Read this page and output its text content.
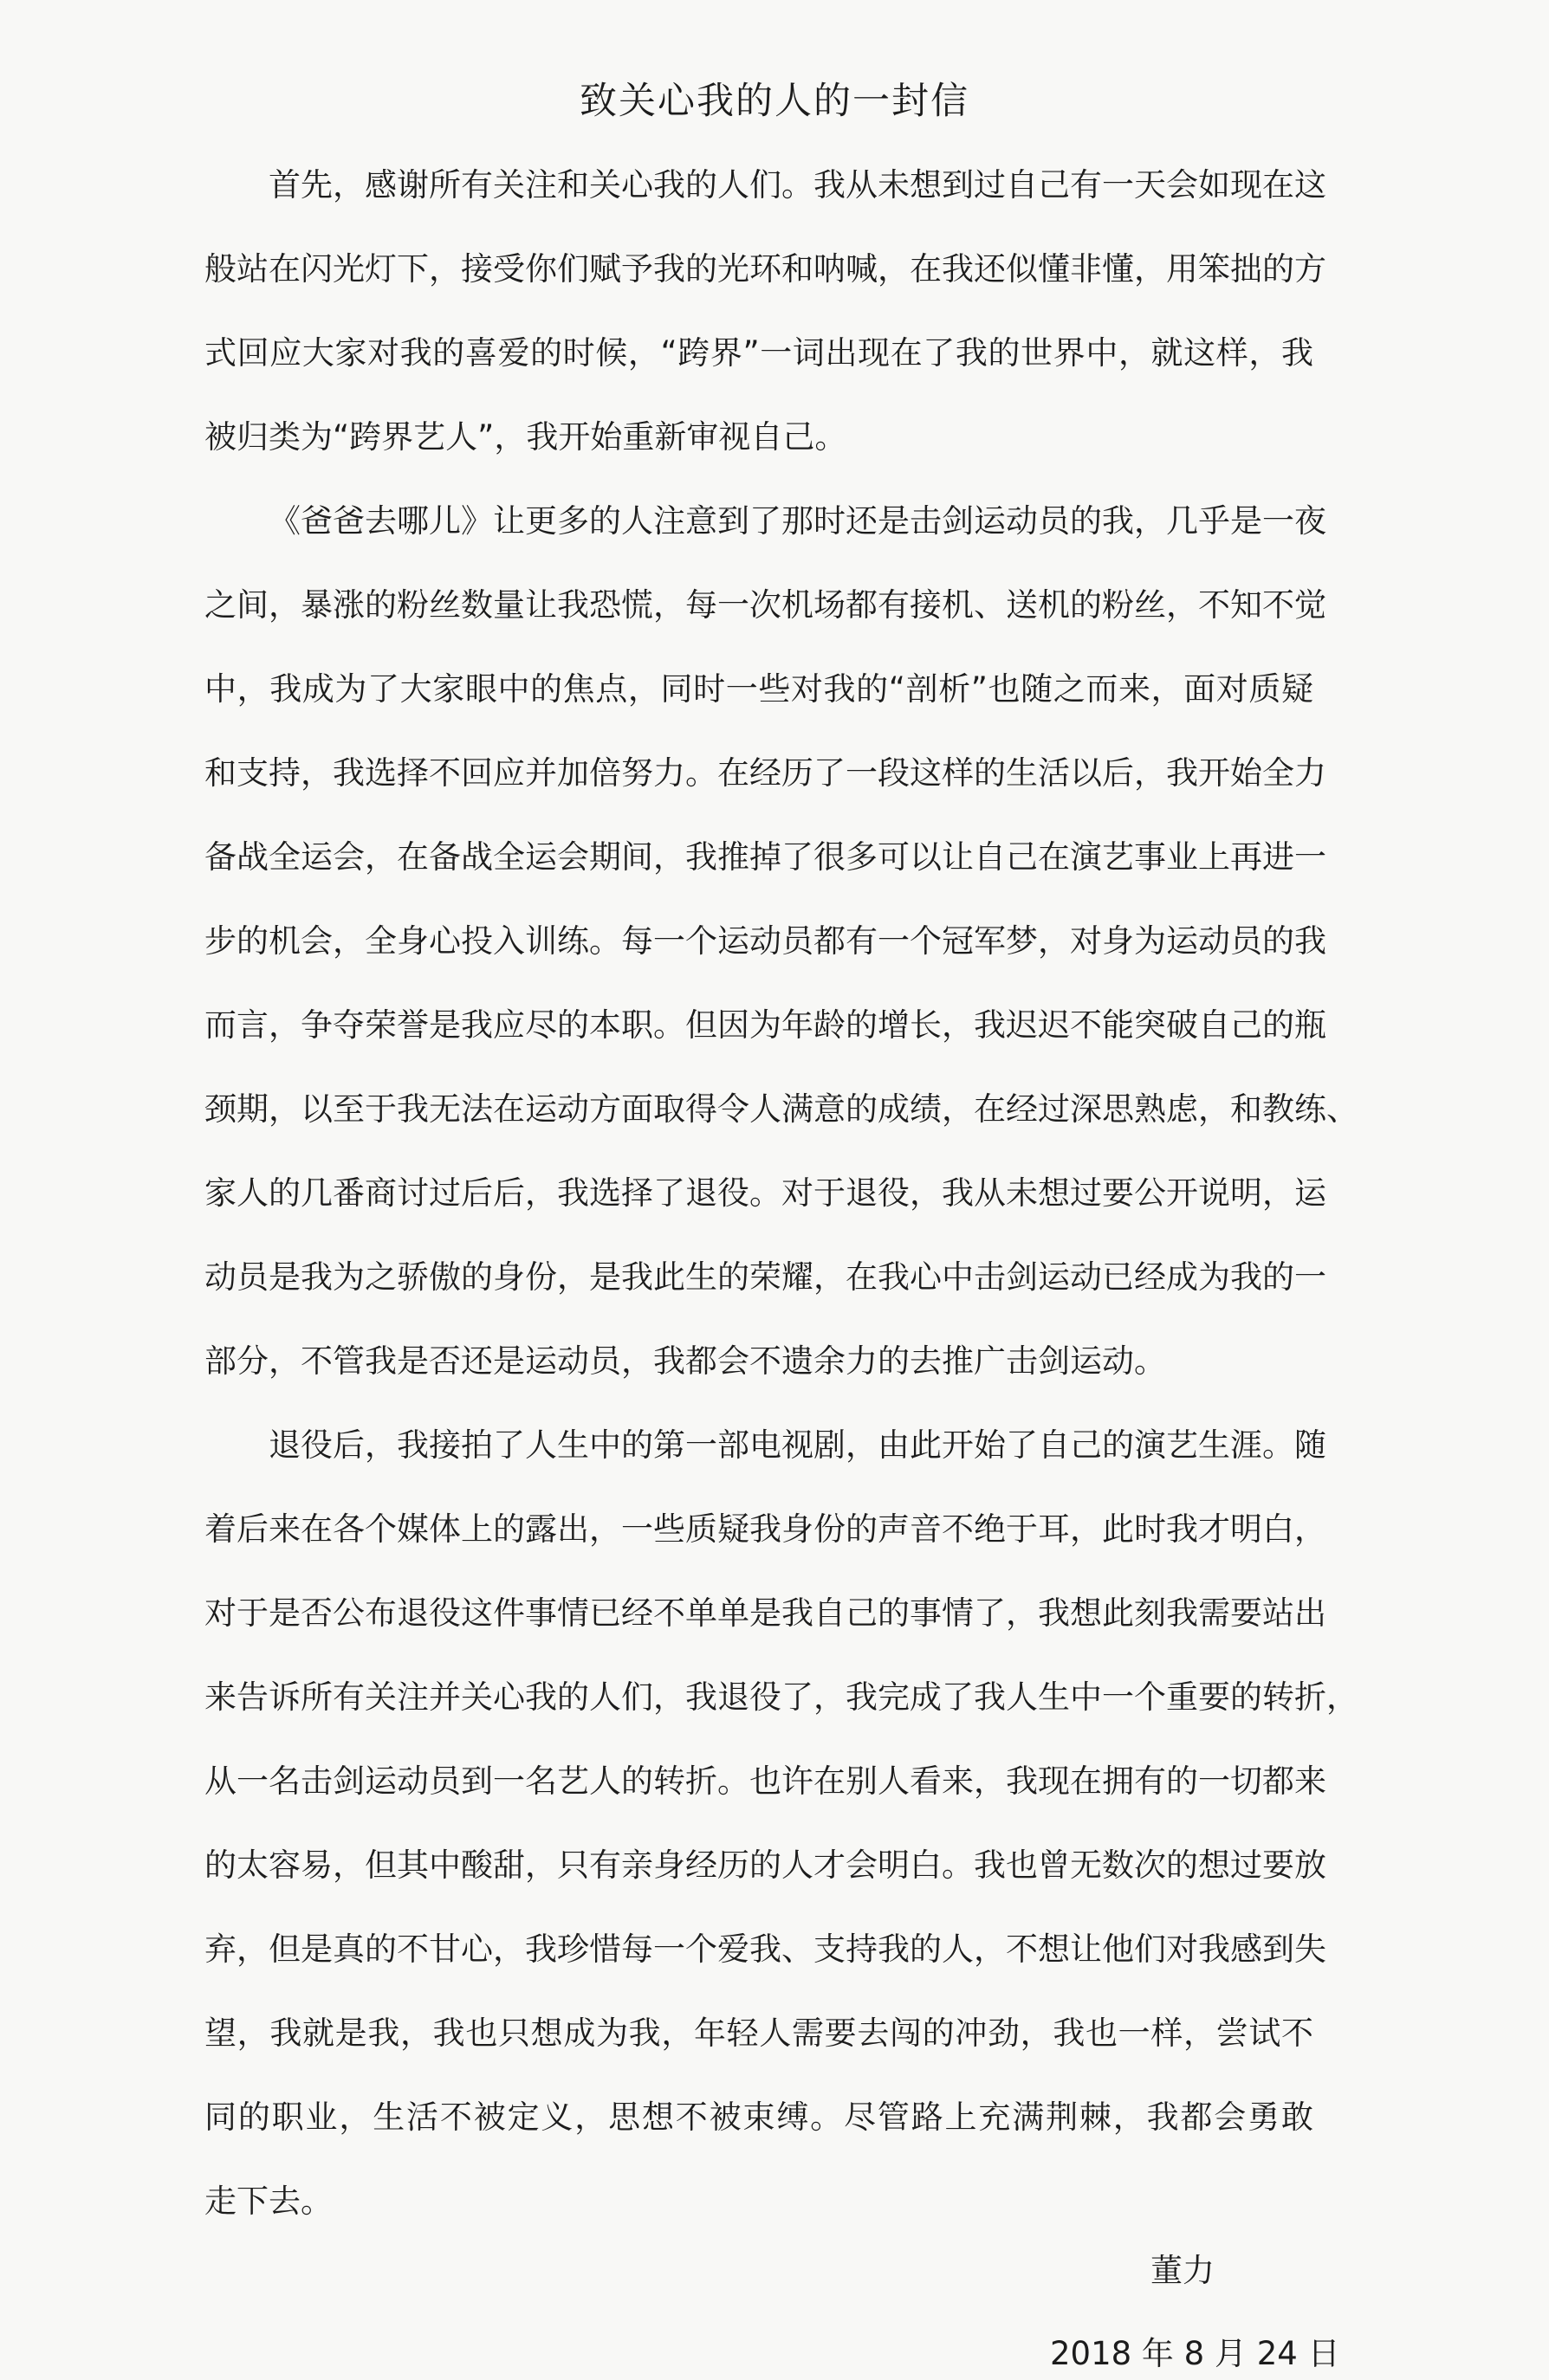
致关心我的人的一封信
首先，感谢所有关注和关心我的人们。我从未想到过自己有一天会如现在这
般站在闪光灯下，接受你们赋予我的光环和呐喊，在我还似懂非懂，用笨拙的方
式回应大家对我的喜爱的时候，“跨界”一词出现在了我的世界中，就这样，我
被归类为“跨界艺人”，我开始重新审视自己。
《爸爸去哪儿》让更多的人注意到了那时还是击剑运动员的我，几乎是一夜
之间，暴涨的粉丝数量让我恐慌，每一次机场都有接机、送机的粉丝，不知不觉
中，我成为了大家眼中的焦点，同时一些对我的“剖析”也随之而来，面对质疑
和支持，我选择不回应并加倍努力。在经历了一段这样的生活以后，我开始全力
备战全运会，在备战全运会期间，我推掉了很多可以让自己在演艺事业上再进一
步的机会，全身心投入训练。每一个运动员都有一个冠军梦，对身为运动员的我
而言，争夺荣誉是我应尽的本职。但因为年龄的增长，我迟迟不能突破自己的瓶
颈期，以至于我无法在运动方面取得令人满意的成绩，在经过深思熟虑，和教练、
家人的几番商讨过后后，我选择了退役。对于退役，我从未想过要公开说明，运
动员是我为之骄傲的身份，是我此生的荣耀，在我心中击剑运动已经成为我的一
部分，不管我是否还是运动员，我都会不遗余力的去推广击剑运动。
退役后，我接拍了人生中的第一部电视剧，由此开始了自己的演艺生涯。随
着后来在各个媒体上的露出，一些质疑我身份的声音不绝于耳，此时我才明白，
对于是否公布退役这件事情已经不单单是我自己的事情了，我想此刻我需要站出
来告诉所有关注并关心我的人们，我退役了，我完成了我人生中一个重要的转折，
从一名击剑运动员到一名艺人的转折。也许在别人看来，我现在拥有的一切都来
的太容易，但其中酸甜，只有亲身经历的人才会明白。我也曾无数次的想过要放
弃，但是真的不甘心，我珍惜每一个爱我、支持我的人，不想让他们对我感到失
望，我就是我，我也只想成为我，年轻人需要去闯的冲劲，我也一样，尝试不
同的职业，生活不被定义，思想不被束缚。尽管路上充满荆棘，我都会勇敢
走下去。
董力
2018 年 8 月 24 日
